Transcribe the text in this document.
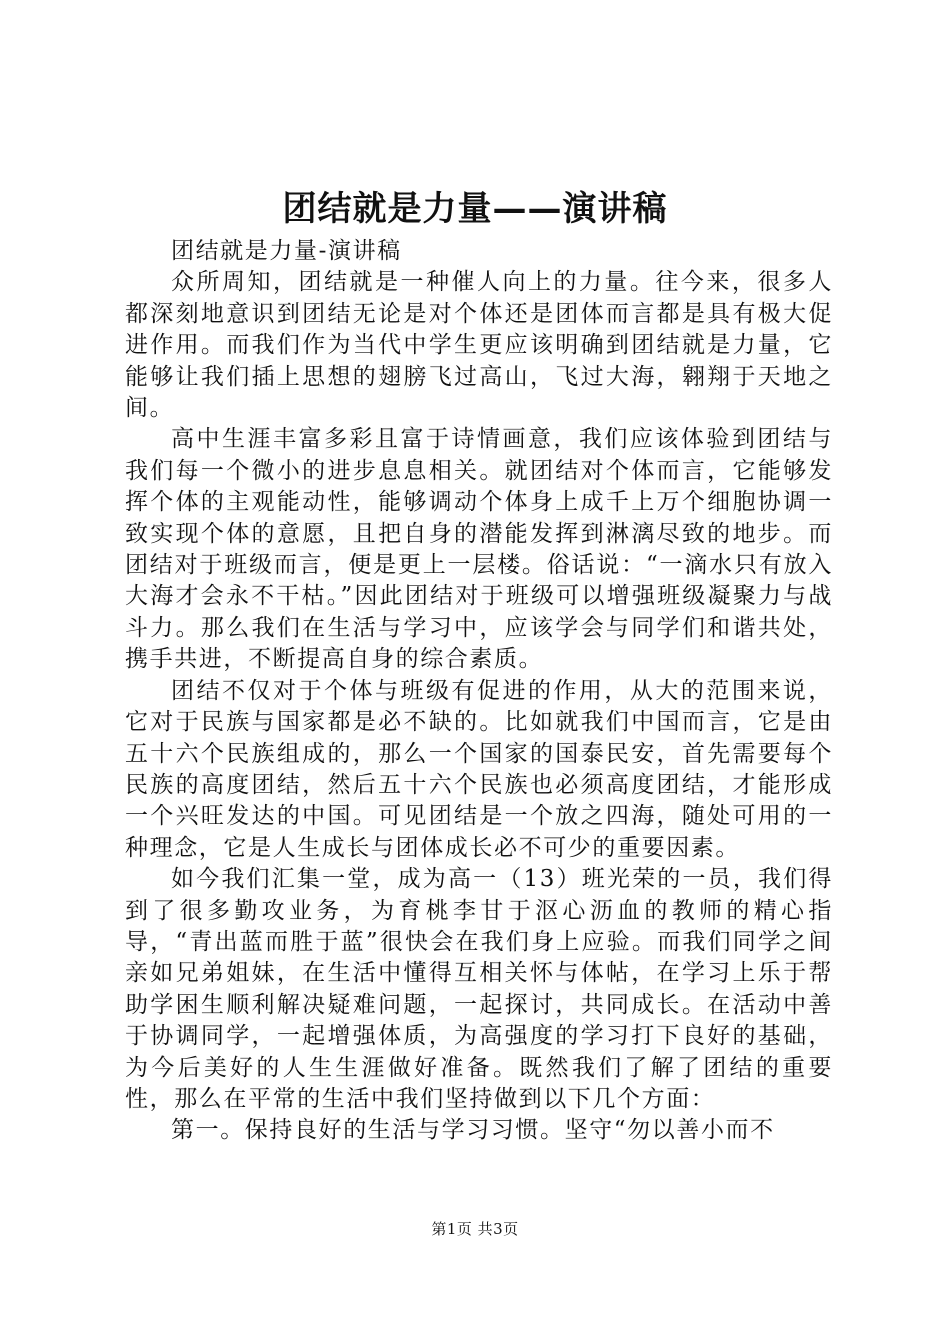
团结就是力量——演讲稿

团结就是力量-演讲稿

众所周知，团结就是一种催人向上的力量。往今来，很多人都深刻地意识到团结无论是对个体还是团体而言都是具有极大促进作用。而我们作为当代中学生更应该明确到团结就是力量，它能够让我们插上思想的翅膀飞过高山，飞过大海，翱翔于天地之间。

高中生涯丰富多彩且富于诗情画意，我们应该体验到团结与我们每一个微小的进步息息相关。就团结对个体而言，它能够发挥个体的主观能动性，能够调动个体身上成千上万个细胞协调一致实现个体的意愿，且把自身的潜能发挥到淋漓尽致的地步。而团结对于班级而言，便是更上一层楼。俗话说：“一滴水只有放入大海才会永不干枯。”因此团结对于班级可以增强班级凝聚力与战斗力。那么我们在生活与学习中，应该学会与同学们和谐共处，携手共进，不断提高自身的综合素质。

团结不仅对于个体与班级有促进的作用，从大的范围来说，它对于民族与国家都是必不缺的。比如就我们中国而言，它是由五十六个民族组成的，那么一个国家的国泰民安，首先需要每个民族的高度团结，然后五十六个民族也必须高度团结，才能形成一个兴旺发达的中国。可见团结是一个放之四海，随处可用的一种理念，它是人生成长与团体成长必不可少的重要因素。

如今我们汇集一堂，成为高一（13）班光荣的一员，我们得到了很多勤攻业务，为育桃李甘于沤心沥血的教师的精心指导，“青出蓝而胜于蓝”很快会在我们身上应验。而我们同学之间亲如兄弟姐妹，在生活中懂得互相关怀与体帖，在学习上乐于帮助学困生顺利解决疑难问题，一起探讨，共同成长。在活动中善于协调同学，一起增强体质，为高强度的学习打下良好的基础，为今后美好的人生生涯做好准备。既然我们了解了团结的重要性，那么在平常的生活中我们坚持做到以下几个方面：

第一。保持良好的生活与学习习惯。坚守“勿以善小而不

第1页 共3页
